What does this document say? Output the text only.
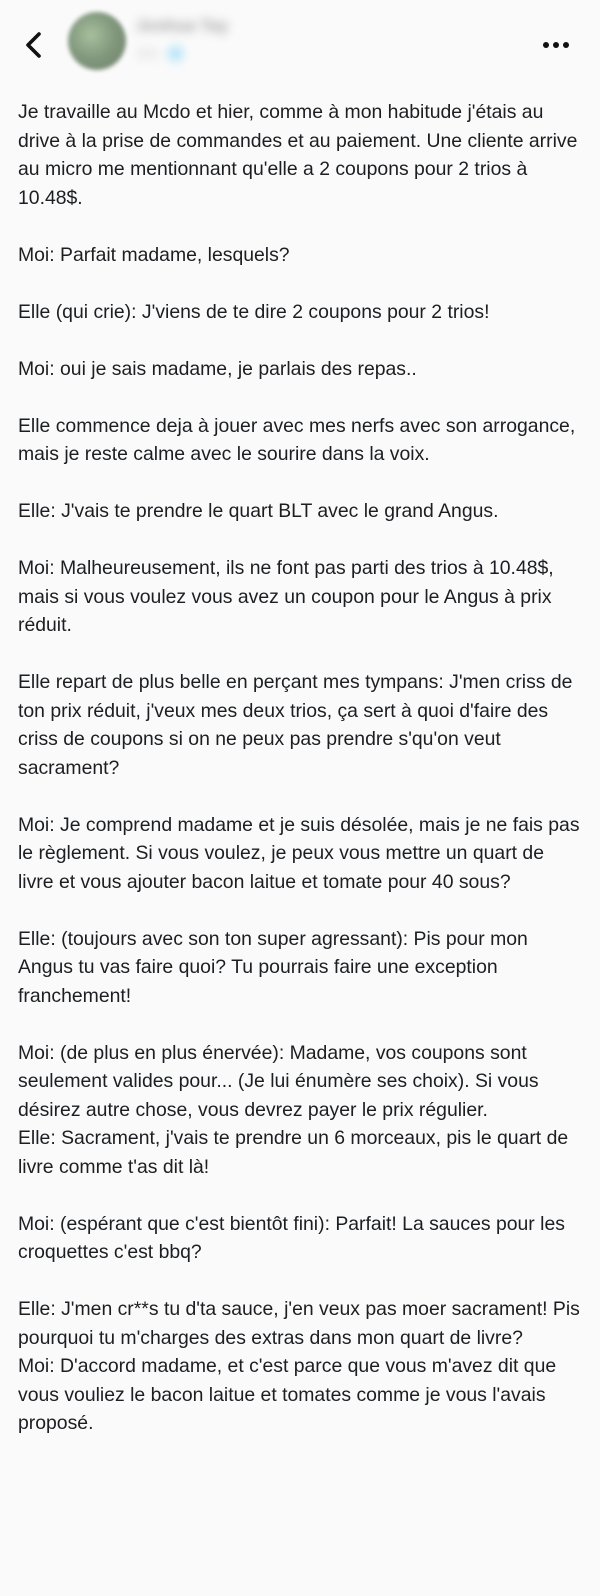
Joshua Tay
2 h · 🌐

Je travaille au Mcdo et hier, comme à mon habitude j'étais au drive à la prise de commandes et au paiement. Une cliente arrive au micro me mentionnant qu'elle a 2 coupons pour 2 trios à 10.48$.

Moi: Parfait madame, lesquels?

Elle (qui crie): J'viens de te dire 2 coupons pour 2 trios!

Moi: oui je sais madame, je parlais des repas..

Elle commence deja à jouer avec mes nerfs avec son arrogance, mais je reste calme avec le sourire dans la voix.

Elle: J'vais te prendre le quart BLT avec le grand Angus.

Moi: Malheureusement, ils ne font pas parti des trios à 10.48$, mais si vous voulez vous avez un coupon pour le Angus à prix réduit.

Elle repart de plus belle en perçant mes tympans: J'men criss de ton prix réduit, j'veux mes deux trios, ça sert à quoi d'faire des criss de coupons si on ne peux pas prendre s'qu'on veut sacrament?

Moi: Je comprend madame et je suis désolée, mais je ne fais pas le règlement. Si vous voulez, je peux vous mettre un quart de livre et vous ajouter bacon laitue et tomate pour 40 sous?

Elle: (toujours avec son ton super agressant): Pis pour mon Angus tu vas faire quoi? Tu pourrais faire une exception franchement!

Moi: (de plus en plus énervée): Madame, vos coupons sont seulement valides pour... (Je lui énumère ses choix). Si vous désirez autre chose, vous devrez payer le prix régulier.

Elle: Sacrament, j'vais te prendre un 6 morceaux, pis le quart de livre comme t'as dit là!

Moi: (espérant que c'est bientôt fini): Parfait! La sauces pour les croquettes c'est bbq?

Elle: J'men cr**s tu d'ta sauce, j'en veux pas moer sacrament! Pis pourquoi tu m'charges des extras dans mon quart de livre?

Moi: D'accord madame, et c'est parce que vous m'avez dit que vous vouliez le bacon laitue et tomates comme je vous l'avais proposé.
